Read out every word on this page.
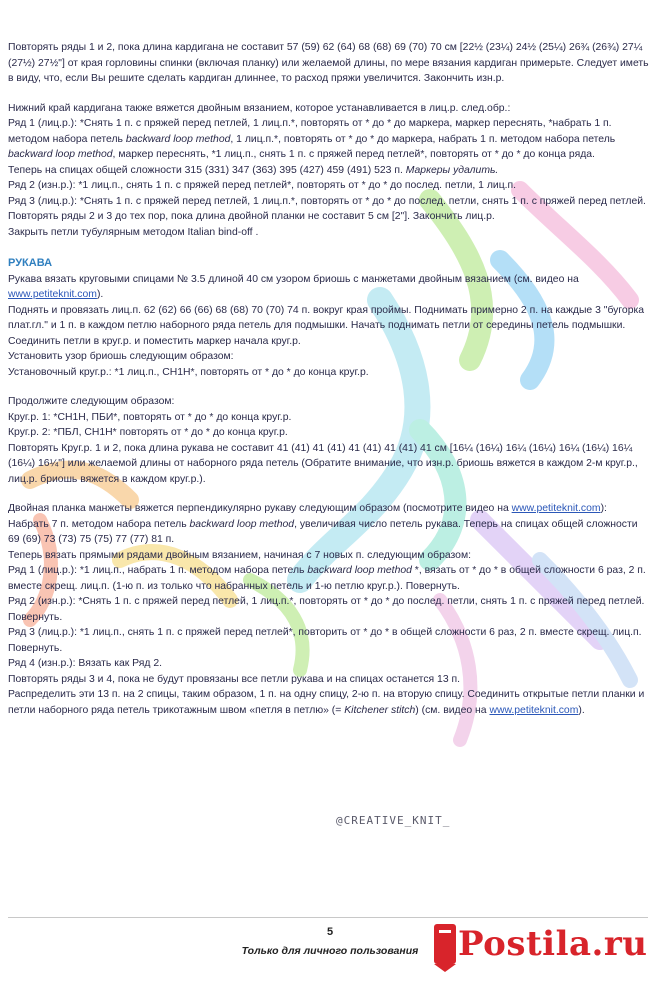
Повторять ряды 1 и 2, пока длина кардигана не составит 57 (59) 62 (64) 68 (68) 69 (70) 70 см [22½ (23¼) 24½ (25¼) 26¾ (26¾) 27¼ (27½) 27½"] от края горловины спинки (включая планку) или желаемой длины, по мере вязания кардиган примерьте. Следует иметь в виду, что, если Вы решите сделать кардиган длиннее, то расход пряжи увеличится. Закончить изн.р.

Нижний край кардигана также вяжется двойным вязанием, которое устанавливается в лиц.р. след.обр.:

Ряд 1 (лиц.р.): *Снять 1 п. с пряжей перед петлей, 1 лиц.п.*, повторять от * до * до маркера, маркер переснять, *набрать 1 п. методом набора петель backward loop method, 1 лиц.п.*, повторять от * до * до маркера, набрать 1 п. методом набора петель backward loop method, маркер переснять, *1 лиц.п., снять 1 п. с пряжей перед петлей*, повторять от * до * до конца ряда.

Теперь на спицах общей сложности 315 (331) 347 (363) 395 (427) 459 (491) 523 п. Маркеры удалить.

Ряд 2 (изн.р.): *1 лиц.п., снять 1 п. с пряжей перед петлей*, повторять от * до * до послед. петли, 1 лиц.п.

Ряд 3 (лиц.р.): *Снять 1 п. с пряжей перед петлей, 1 лиц.п.*, повторять от * до * до послед. петли, снять 1 п. с пряжей перед петлей.

Повторять ряды 2 и 3 до тех пор, пока длина двойной планки не составит 5 см [2"]. Закончить лиц.р.

Закрыть петли тубулярным методом Italian bind-off .

РУКАВА

Рукава вязать круговыми спицами № 3.5 длиной 40 см узором бриошь с манжетами двойным вязанием (см. видео на www.petiteknit.com).

Поднять и провязать лиц.п. 62 (62) 66 (66) 68 (68) 70 (70) 74 п. вокруг края проймы. Поднимать примерно 2 п. на каждые 3 "бугорка плат.гл." и 1 п. в каждом петлю наборного ряда петель для подмышки. Начать поднимать петли от середины петель подмышки. Соединить петли в круг.р. и поместить маркер начала круг.р.

Установить узор бриошь следующим образом:

Установочный круг.р.: *1 лиц.п., СН1Н*, повторять от * до * до конца круг.р.

Продолжите следующим образом:

Круг.р. 1: *СН1Н, ПБИ*, повторять от * до * до конца круг.р.

Круг.р. 2: *ПБЛ, СН1Н* повторять от * до * до конца круг.р.

Повторять Круг.р. 1 и 2, пока длина рукава не составит 41 (41) 41 (41) 41 (41) 41 (41) 41 см [16¼ (16¼) 16¼ (16¼) 16¼ (16¼) 16¼ (16¼) 16¼"] или желаемой длины от наборного ряда петель (Обратите внимание, что изн.р. бриошь вяжется в каждом 2-м круг.р., лиц.р. бриошь вяжется в каждом круг.р.).

Двойная планка манжеты вяжется перпендикулярно рукаву следующим образом (посмотрите видео на www.petiteknit.com):

Набрать 7 п. методом набора петель backward loop method, увеличивая число петель рукава. Теперь на спицах общей сложности 69 (69) 73 (73) 75 (75) 77 (77) 81 п.

Теперь вязать прямыми рядами двойным вязанием, начиная с 7 новых п. следующим образом:

Ряд 1 (лиц.р.): *1 лиц.п., набрать 1 п. методом набора петель backward loop method *, вязать от * до * в общей сложности 6 раз, 2 п. вместе скрещ. лиц.п. (1-ю п. из только что набранных петель и 1-ю петлю круг.р.). Повернуть.

Ряд 2 (изн.р.): *Снять 1 п. с пряжей перед петлей, 1 лиц.п.*, повторять от * до * до послед. петли, снять 1 п. с пряжей перед петлей. Повернуть.

Ряд 3 (лиц.р.): *1 лиц.п., снять 1 п. с пряжей перед петлей*, повторить от * до * в общей сложности 6 раз, 2 п. вместе скрещ. лиц.п. Повернуть.

Ряд 4 (изн.р.): Вязать как Ряд 2.

Повторять ряды 3 и 4, пока не будут провязаны все петли рукава и на спицах останется 13 п.

Распределить эти 13 п. на 2 спицы, таким образом, 1 п. на одну спицу, 2-ю п. на вторую спицу. Соединить открытые петли планки и петли наборного ряда петель трикотажным швом «петля в петлю» (= Kitchener stitch) (см. видео на www.petiteknit.com).

@CREATIVE_KNIT_
5
Только для личного пользования	Postila.ru
